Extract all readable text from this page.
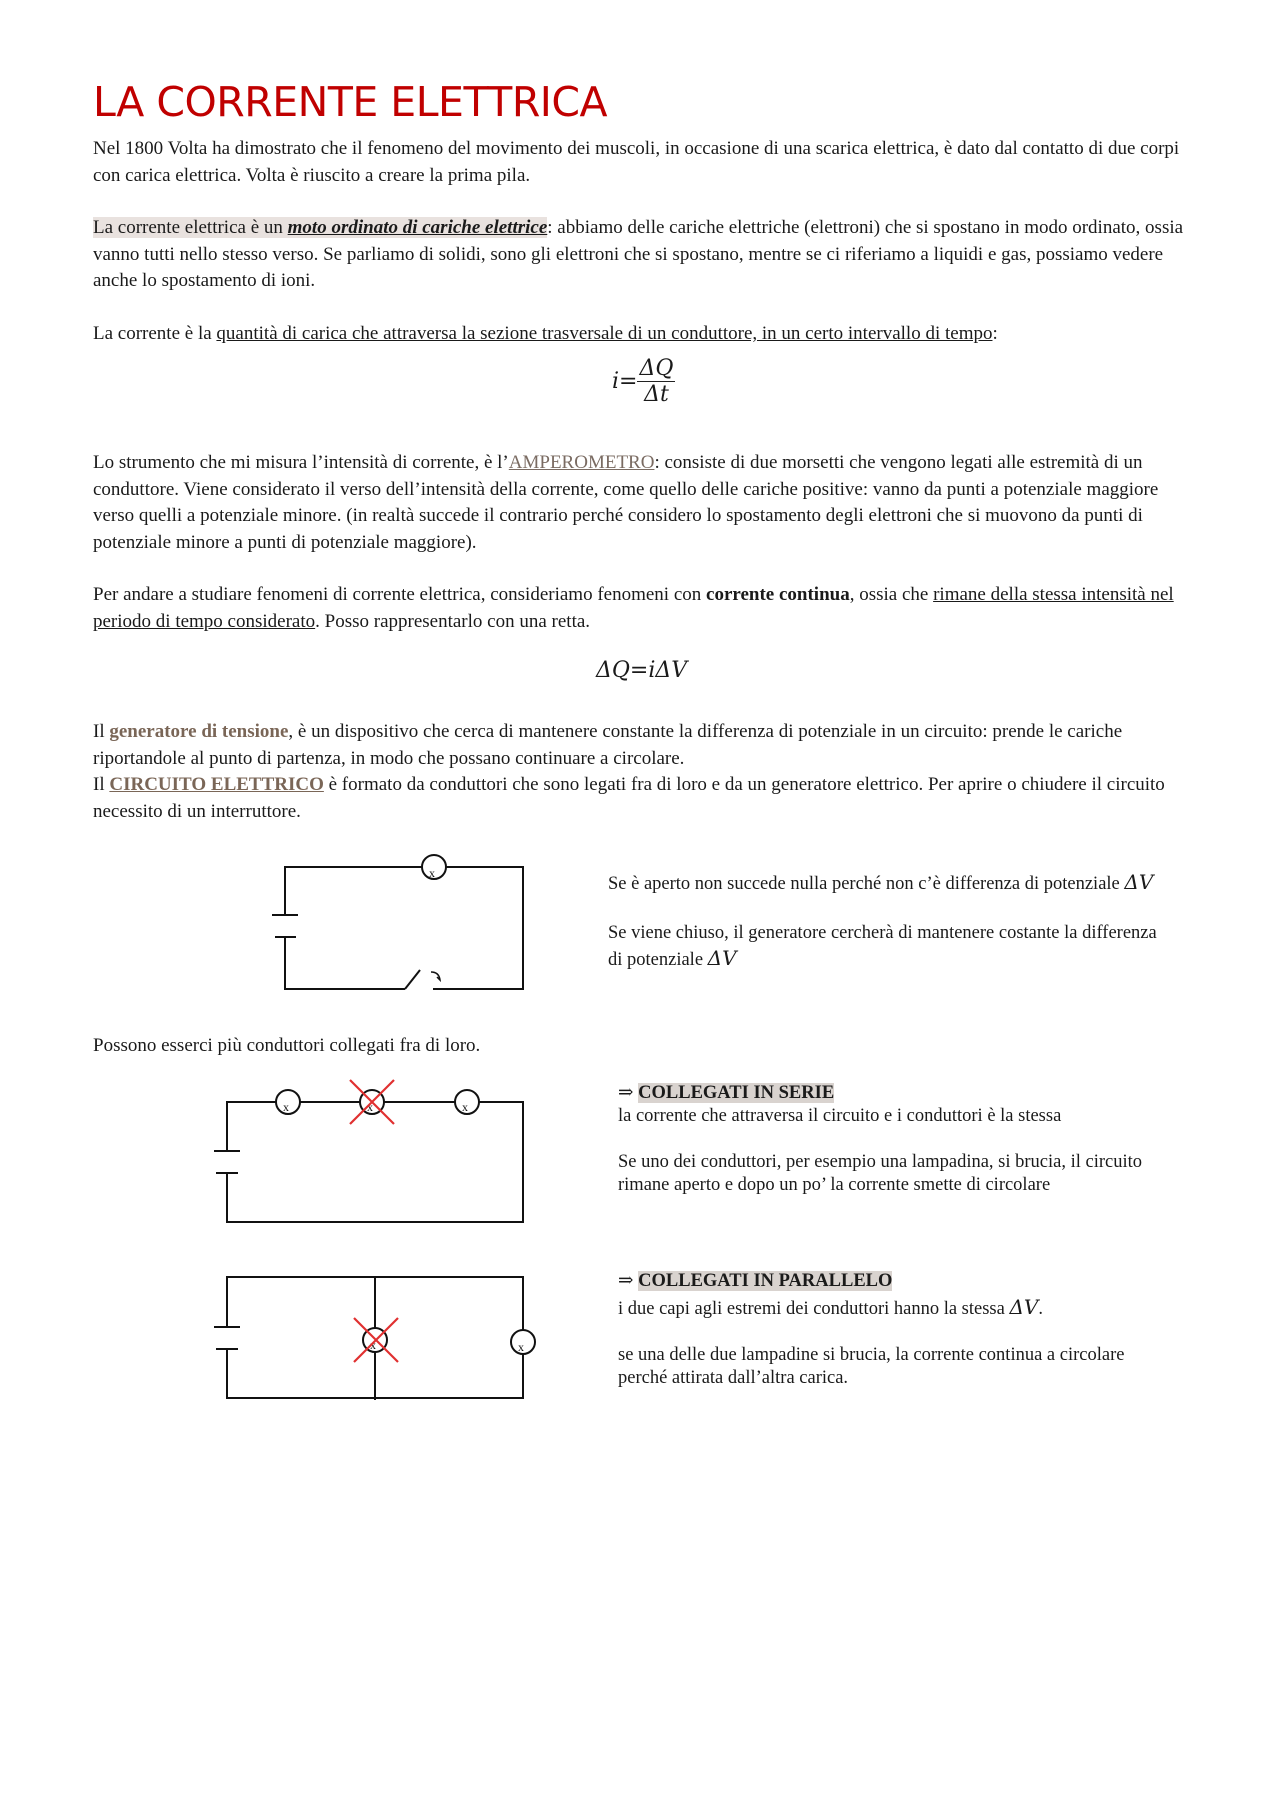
LA CORRENTE ELETTRICA

Nel 1800 Volta ha dimostrato che il fenomeno del movimento dei muscoli, in occasione di una scarica elettrica, è dato dal contatto di due corpi con carica elettrica. Volta è riuscito a creare la prima pila.

La corrente elettrica è un moto ordinato di cariche elettrice: abbiamo delle cariche elettriche (elettroni) che si spostano in modo ordinato, ossia vanno tutti nello stesso verso. Se parliamo di solidi, sono gli elettroni che si spostano, mentre se ci riferiamo a liquidi e gas, possiamo vedere anche lo spostamento di ioni.

La corrente è la quantità di carica che attraversa la sezione trasversale di un conduttore, in un certo intervallo di tempo:

$i= \frac{\Delta Q}{\Delta t}$

Lo strumento che mi misura l’intensità di corrente, è l’AMPEROMETRO: consiste di due morsetti che vengono legati alle estremità di un conduttore. Viene considerato il verso dell’intensità della corrente, come quello delle cariche positive: vanno da punti a potenziale maggiore verso quelli a potenziale minore. (in realtà succede il contrario perché considero lo spostamento degli elettroni che si muovono da punti di potenziale minore a punti di potenziale maggiore).

Per andare a studiare fenomeni di corrente elettrica, consideriamo fenomeni con corrente continua, ossia che rimane della stessa intensità nel periodo di tempo considerato. Posso rappresentarlo con una retta.

ΔQ=iΔV

Il generatore di tensione, è un dispositivo che cerca di mantenere constante la differenza di potenziale in un circuito: prende le cariche riportandole al punto di partenza, in modo che possano continuare a circolare.

Il CIRCUITO ELETTRICO è formato da conduttori che sono legati fra di loro e da un generatore elettrico. Per aprire o chiudere il circuito necessito di un interruttore.

Se è aperto non succede nulla perché non c’è differenza di potenziale ΔV
Se viene chiuso, il generatore cercherà di mantenere costante la differenza di potenziale ΔV

Possono esserci più conduttori collegati fra di loro.

⇒ COLLEGATI IN SERIE
la corrente che attraversa il circuito e i conduttori è la stessa
Se uno dei conduttori, per esempio una lampadina, si brucia, il circuito rimane aperto e dopo un po’ la corrente smette di circolare
⇒ COLLEGATI IN PARALLELO
i due capi agli estremi dei conduttori hanno la stessa ΔV.
se una delle due lampadine si brucia, la corrente continua a circolare perché attirata dall’altra carica.
x
x	x	x
x	x
